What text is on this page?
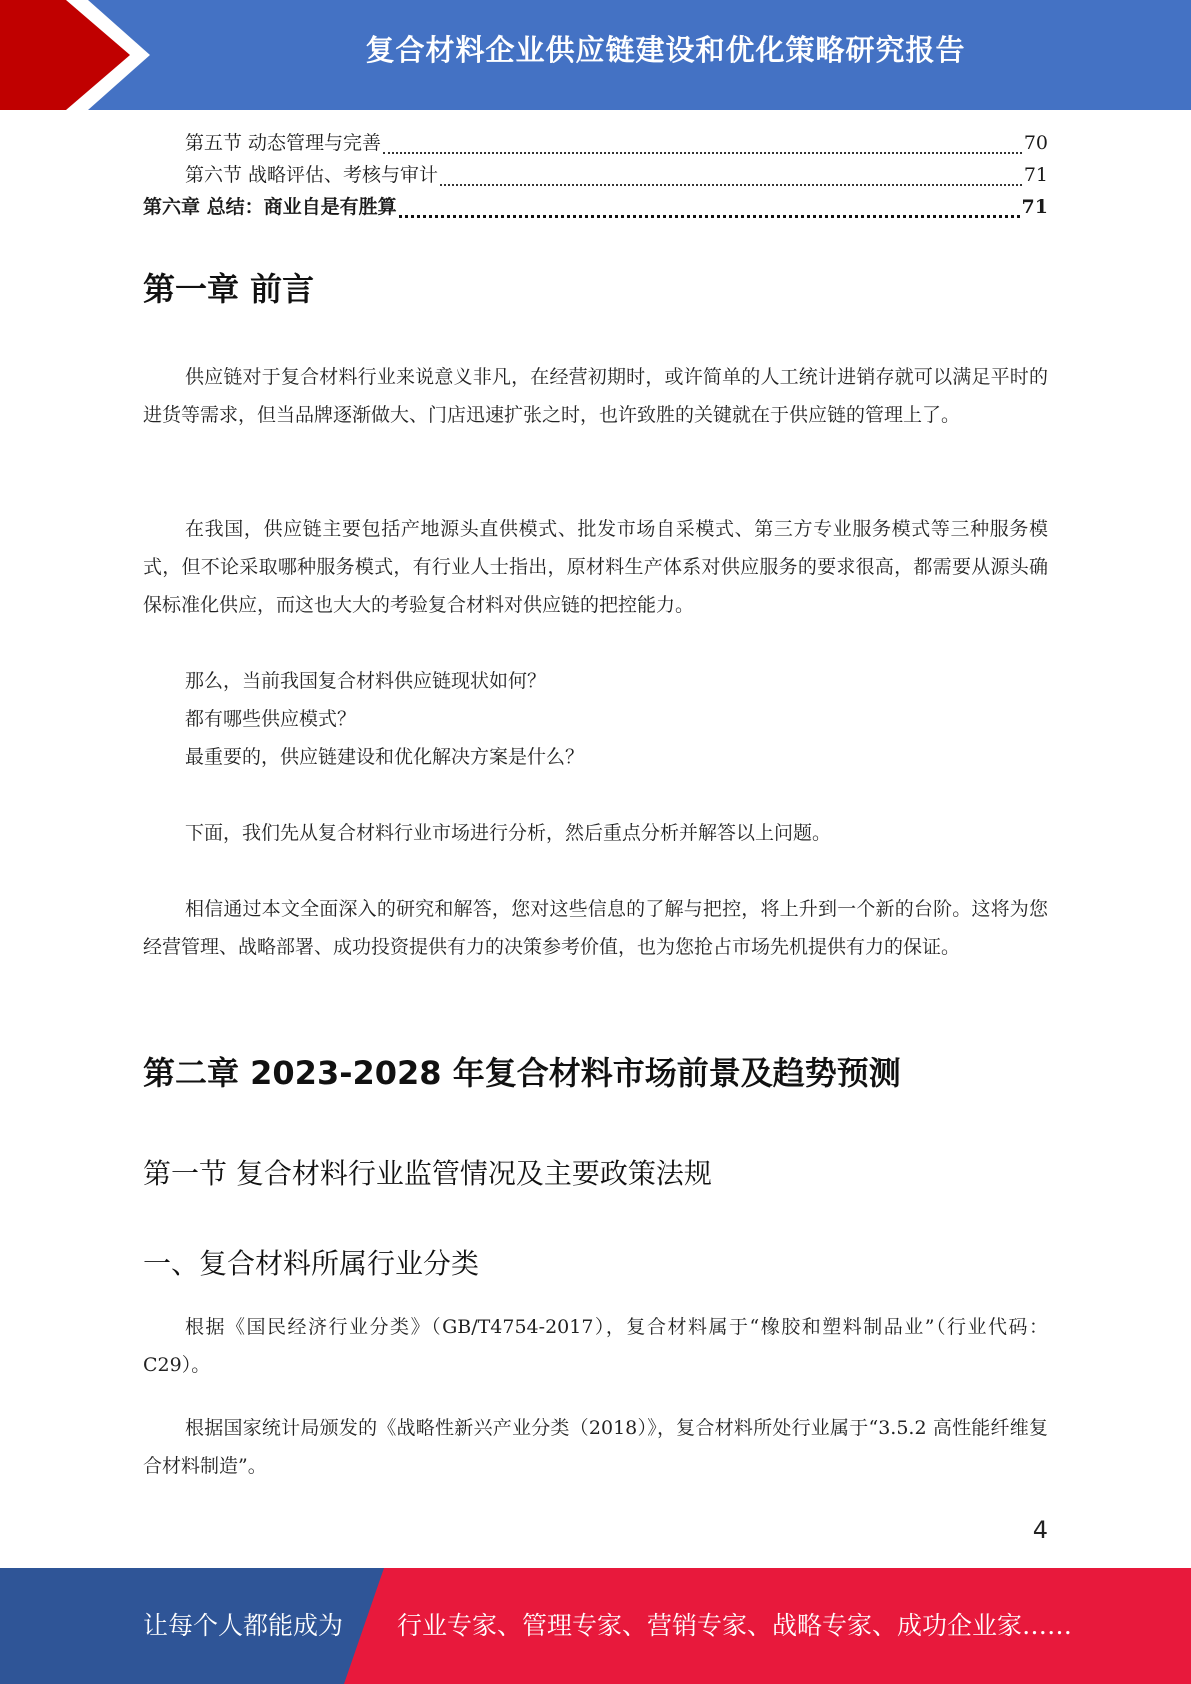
复合材料企业供应链建设和优化策略研究报告
第五节 动态管理与完善	70
第六节 战略评估、考核与审计	71
第六章 总结：商业自是有胜算	71
第一章 前言
供应链对于复合材料行业来说意义非凡，在经营初期时，或许简单的人工统计进销存就可以满足平时的进货等需求，但当品牌逐渐做大、门店迅速扩张之时，也许致胜的关键就在于供应链的管理上了。
在我国，供应链主要包括产地源头直供模式、批发市场自采模式、第三方专业服务模式等三种服务模式，但不论采取哪种服务模式，有行业人士指出，原材料生产体系对供应服务的要求很高，都需要从源头确保标准化供应，而这也大大的考验复合材料对供应链的把控能力。
那么，当前我国复合材料供应链现状如何？
都有哪些供应模式？
最重要的，供应链建设和优化解决方案是什么？
下面，我们先从复合材料行业市场进行分析，然后重点分析并解答以上问题。
相信通过本文全面深入的研究和解答，您对这些信息的了解与把控，将上升到一个新的台阶。这将为您经营管理、战略部署、成功投资提供有力的决策参考价值，也为您抢占市场先机提供有力的保证。
第二章 2023-2028 年复合材料市场前景及趋势预测
第一节 复合材料行业监管情况及主要政策法规
一、复合材料所属行业分类
根据《国民经济行业分类》（GB/T4754-2017），复合材料属于“橡胶和塑料制品业”（行业代码：C29）。
根据国家统计局颁发的《战略性新兴产业分类（2018）》，复合材料所处行业属于“3.5.2 高性能纤维复合材料制造”。
4
让每个人都能成为 行业专家、管理专家、营销专家、战略专家、成功企业家……
